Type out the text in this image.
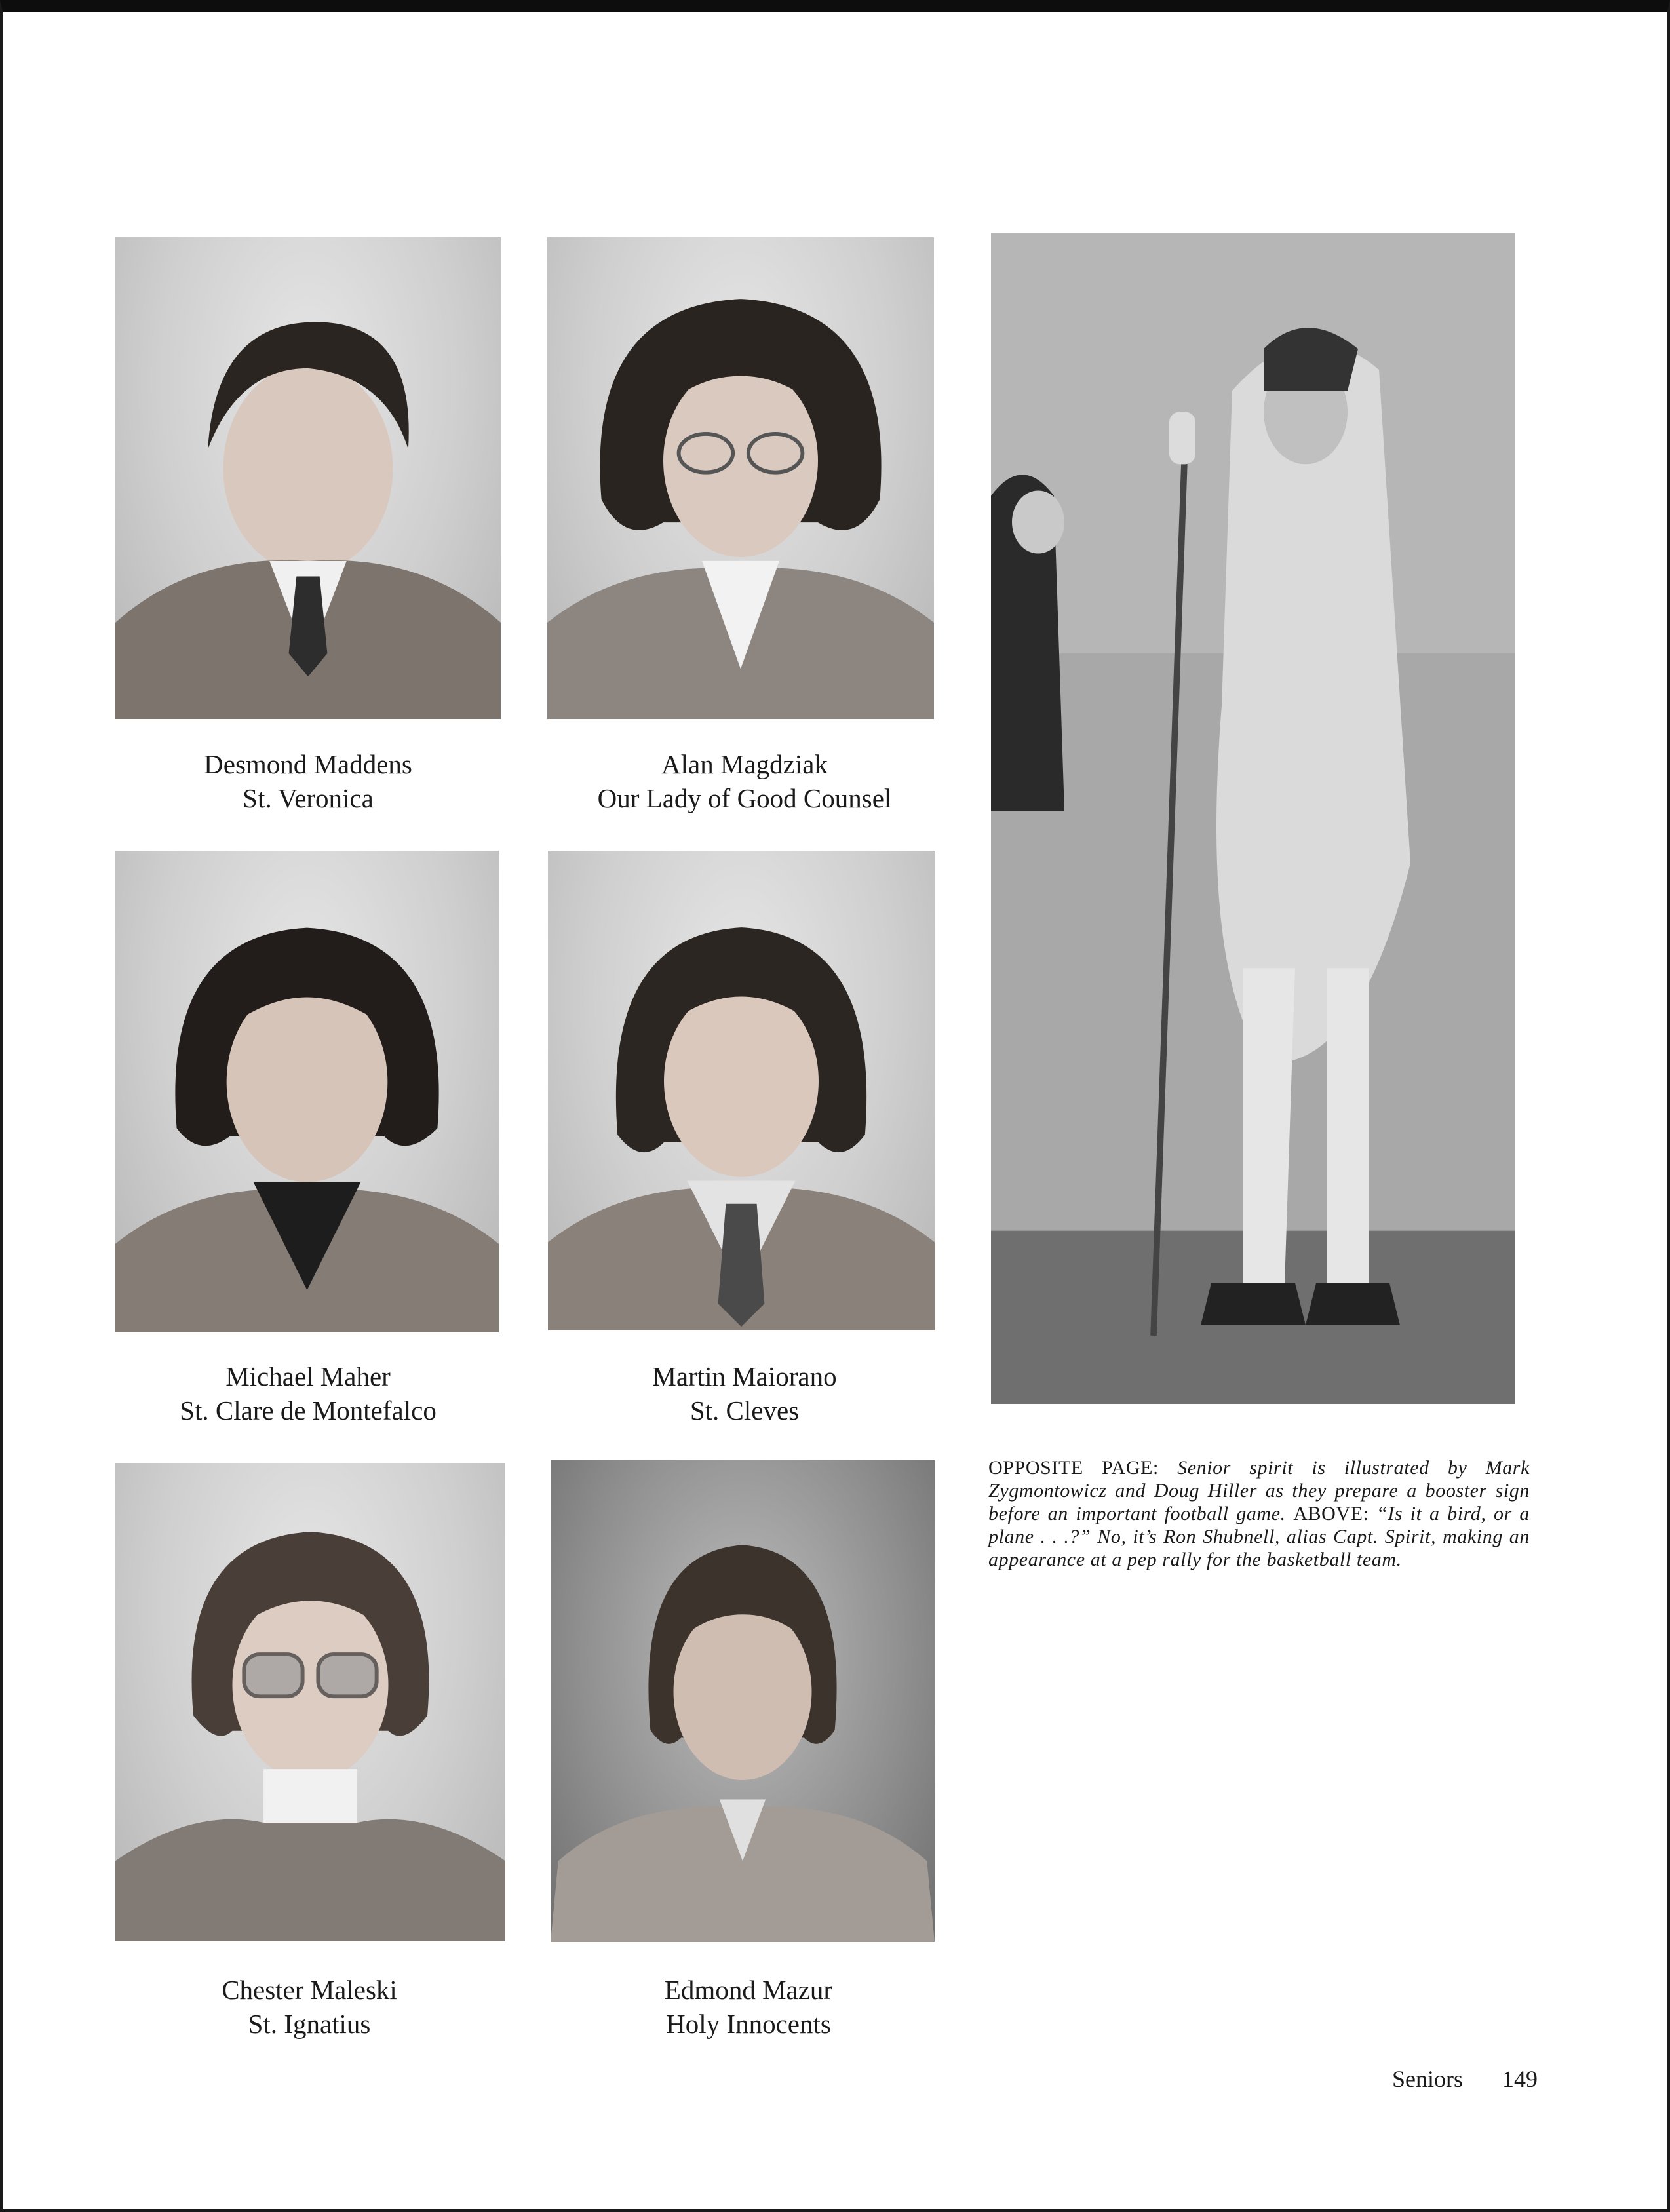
Desmond Maddens
St. Veronica
Alan Magdziak
Our Lady of Good Counsel
Michael Maher
St. Clare de Montefalco
Martin Maiorano
St. Cleves
Chester Maleski
St. Ignatius
Edmond Mazur
Holy Innocents
OPPOSITE PAGE: Senior spirit is illustrated by Mark Zygmontowicz and Doug Hiller as they prepare a booster sign before an important football game. ABOVE: “Is it a bird, or a plane . . .?” No, it’s Ron Shubnell, alias Capt. Spirit, making an appearance at a pep rally for the basketball team.
Seniors 149
